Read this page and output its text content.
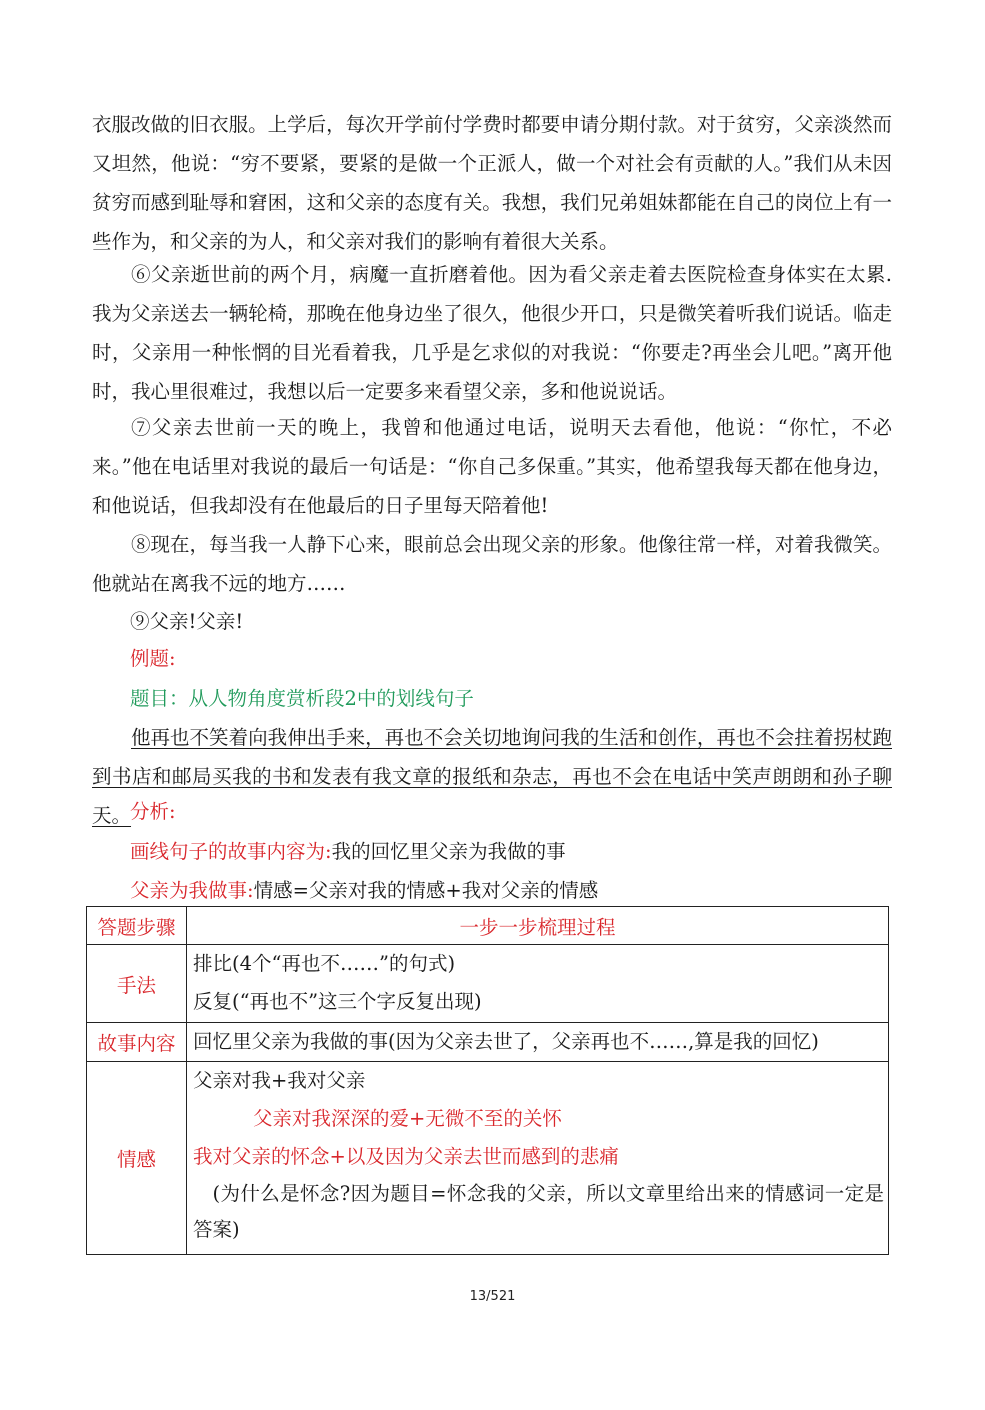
衣服改做的旧衣服。上学后，每次开学前付学费时都要申请分期付款。对于贫穷，父亲淡然而又坦然，他说：“穷不要紧，要紧的是做一个正派人，做一个对社会有贡献的人。”我们从未因贫穷而感到耻辱和窘困，这和父亲的态度有关。我想，我们兄弟姐妹都能在自己的岗位上有一些作为，和父亲的为人，和父亲对我们的影响有着很大关系。
⑥父亲逝世前的两个月，病魔一直折磨着他。因为看父亲走着去医院检查身体实在太累.我为父亲送去一辆轮椅，那晚在他身边坐了很久，他很少开口，只是微笑着听我们说话。临走时，父亲用一种怅惘的目光看着我，几乎是乞求似的对我说：“你要走?再坐会儿吧。”离开他时，我心里很难过，我想以后一定要多来看望父亲，多和他说说话。
⑦父亲去世前一天的晚上，我曾和他通过电话，说明天去看他，他说：“你忙，不必来。”他在电话里对我说的最后一句话是：“你自己多保重。”其实，他希望我每天都在他身边，和他说话，但我却没有在他最后的日子里每天陪着他!
⑧现在，每当我一人静下心来，眼前总会出现父亲的形象。他像往常一样，对着我微笑。他就站在离我不远的地方……
⑨父亲!父亲!
例题:
题目：从人物角度赏析段2中的划线句子
他再也不笑着向我伸出手来，再也不会关切地询问我的生活和创作，再也不会拄着拐杖跑到书店和邮局买我的书和发表有我文章的报纸和杂志，再也不会在电话中笑声朗朗和孙子聊天。
分析:
画线句子的故事内容为:我的回忆里父亲为我做的事
父亲为我做事:情感=父亲对我的情感+我对父亲的情感
答题步骤	一步一步梳理过程
手法	排比(4个“再也不……”的句式)
反复(“再也不”这三个字反复出现)

故事内容	回忆里父亲为我做的事(因为父亲去世了，父亲再也不……,算是我的回忆)

情感	父亲对我+我对父亲
父亲对我深深的爱+无微不至的关怀
我对父亲的怀念+以及因为父亲去世而感到的悲痛
(为什么是怀念?因为题目=怀念我的父亲，所以文章里给出来的情感词一定是答案)
13/521
